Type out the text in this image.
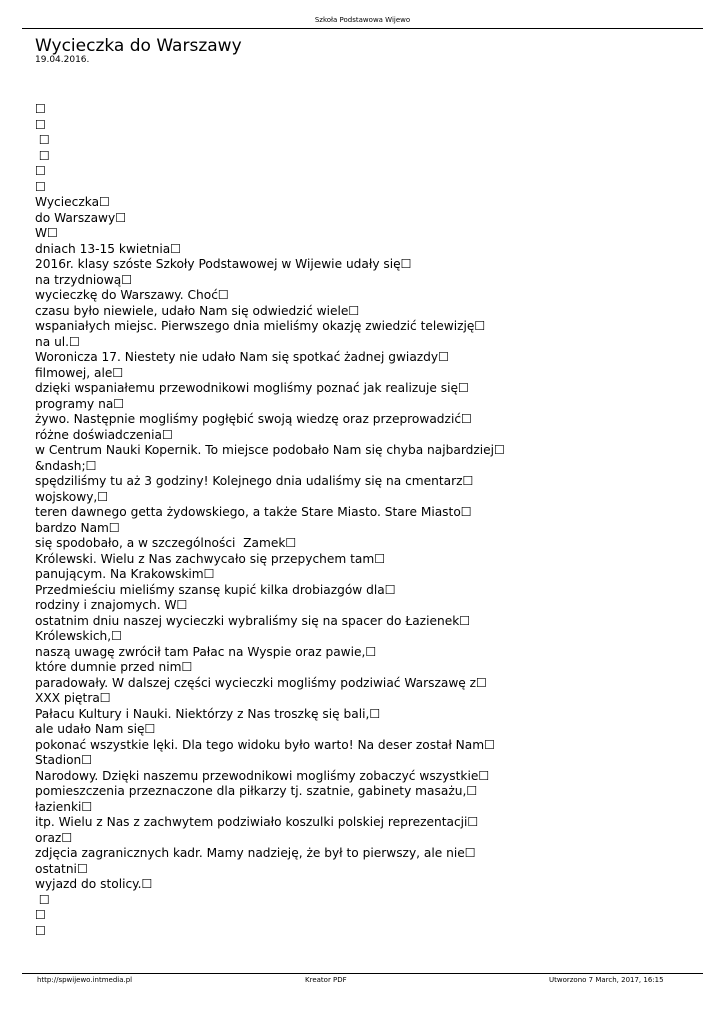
Szkoła Podstawowa Wijewo
Wycieczka do Warszawy
19.04.2016.
☐
☐
☐
☐
☐
☐
Wycieczka☐
do Warszawy☐
W☐
dniach 13-15 kwietnia☐
2016r. klasy szóste Szkoły Podstawowej w Wijewie udały się☐
na trzydniową☐
wycieczkę do Warszawy. Choć☐
czasu było niewiele, udało Nam się odwiedzić wiele☐
wspaniałych miejsc. Pierwszego dnia mieliśmy okazję zwiedzić telewizję☐
na ul.☐
Woronicza 17. Niestety nie udało Nam się spotkać żadnej gwiazdy☐
filmowej, ale☐
dzięki wspaniałemu przewodnikowi mogliśmy poznać jak realizuje się☐
programy na☐
żywo. Następnie mogliśmy pogłębić swoją wiedzę oraz przeprowadzić☐
różne doświadczenia☐
w Centrum Nauki Kopernik. To miejsce podobało Nam się chyba najbardziej☐
&ndash;☐
spędziliśmy tu aż 3 godziny! Kolejnego dnia udaliśmy się na cmentarz☐
wojskowy,☐
teren dawnego getta żydowskiego, a także Stare Miasto. Stare Miasto☐
bardzo Nam☐
się spodobało, a w szczególności  Zamek☐
Królewski. Wielu z Nas zachwycało się przepychem tam☐
panującym. Na Krakowskim☐
Przedmieściu mieliśmy szansę kupić kilka drobiazgów dla☐
rodziny i znajomych. W☐
ostatnim dniu naszej wycieczki wybraliśmy się na spacer do Łazienek☐
Królewskich,☐
naszą uwagę zwrócił tam Pałac na Wyspie oraz pawie,☐
które dumnie przed nim☐
paradowały. W dalszej części wycieczki mogliśmy podziwiać Warszawę z☐
XXX piętra☐
Pałacu Kultury i Nauki. Niektórzy z Nas troszkę się bali,☐
ale udało Nam się☐
pokonać wszystkie lęki. Dla tego widoku było warto! Na deser został Nam☐
Stadion☐
Narodowy. Dzięki naszemu przewodnikowi mogliśmy zobaczyć wszystkie☐
pomieszczenia przeznaczone dla piłkarzy tj. szatnie, gabinety masażu,☐
łazienki☐
itp. Wielu z Nas z zachwytem podziwiało koszulki polskiej reprezentacji☐
oraz☐
zdjęcia zagranicznych kadr. Mamy nadzieję, że był to pierwszy, ale nie☐
ostatni☐
wyjazd do stolicy.☐
☐
☐
☐
http://spwijewo.intmedia.pl	Kreator PDF	Utworzono 7 March, 2017, 16:15
